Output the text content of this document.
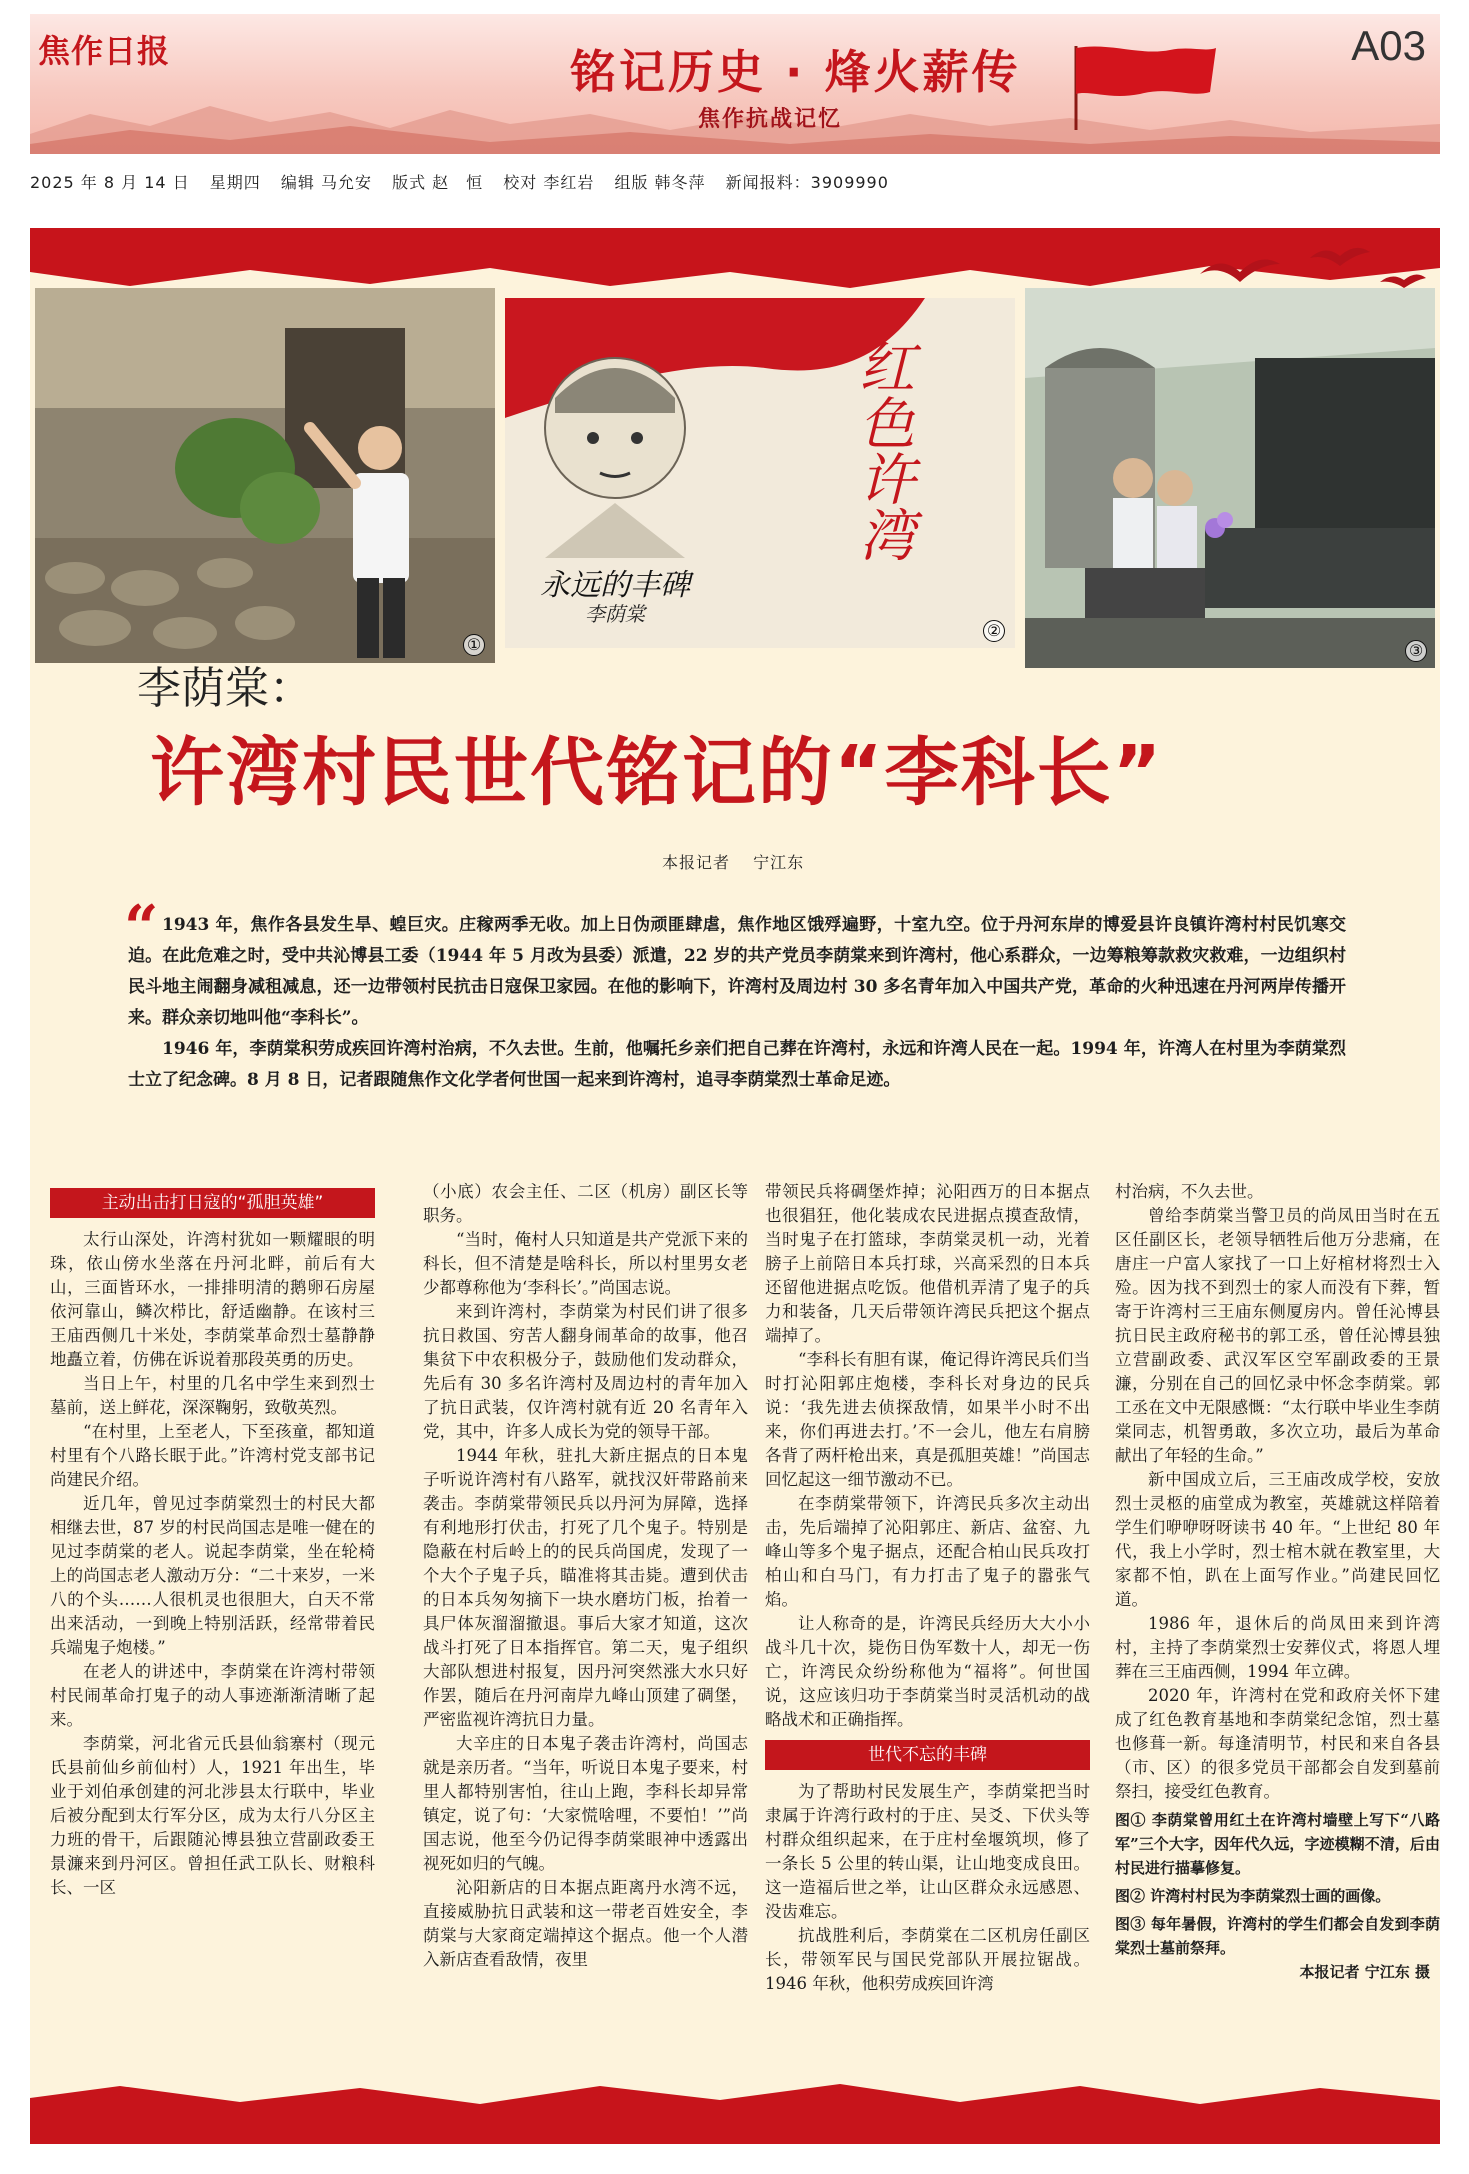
焦作日报	铭记历史 · 烽火薪传
焦作抗战记忆
A03
2025 年 8 月 14 日 星期四 编辑 马允安 版式 赵　恒 校对 李红岩 组版 韩冬萍 新闻报料：3909990
①
永远的丰碑
李荫棠
红色许湾
②
③
李荫棠：
许湾村民世代铭记的“李科长”
本报记者　 宁江东
“ 1943 年，焦作各县发生旱、蝗巨灾。庄稼两季无收。加上日伪顽匪肆虐，焦作地区饿殍遍野，十室九空。位于丹河东岸的博爱县许良镇许湾村村民饥寒交迫。在此危难之时，受中共沁博县工委（1944 年 5 月改为县委）派遣，22 岁的共产党员李荫棠来到许湾村，他心系群众，一边筹粮筹款救灾救难，一边组织村民斗地主闹翻身减租减息，还一边带领村民抗击日寇保卫家园。在他的影响下，许湾村及周边村 30 多名青年加入中国共产党，革命的火种迅速在丹河两岸传播开来。群众亲切地叫他“李科长”。

1946 年，李荫棠积劳成疾回许湾村治病，不久去世。生前，他嘱托乡亲们把自己葬在许湾村，永远和许湾人民在一起。1994 年，许湾人在村里为李荫棠烈士立了纪念碑。8 月 8 日，记者跟随焦作文化学者何世国一起来到许湾村，追寻李荫棠烈士革命足迹。

主动出击打日寇的“孤胆英雄”

太行山深处，许湾村犹如一颗耀眼的明珠，依山傍水坐落在丹河北畔，前后有大山，三面皆环水，一排排明清的鹅卵石房屋依河靠山，鳞次栉比，舒适幽静。在该村三王庙西侧几十米处，李荫棠革命烈士墓静静地矗立着，仿佛在诉说着那段英勇的历史。

当日上午，村里的几名中学生来到烈士墓前，送上鲜花，深深鞠躬，致敬英烈。

“在村里，上至老人，下至孩童，都知道村里有个八路长眠于此。”许湾村党支部书记尚建民介绍。

近几年，曾见过李荫棠烈士的村民大都相继去世，87 岁的村民尚国志是唯一健在的见过李荫棠的老人。说起李荫棠，坐在轮椅上的尚国志老人激动万分：“二十来岁，一米八的个头……人很机灵也很胆大，白天不常出来活动，一到晚上特别活跃，经常带着民兵端鬼子炮楼。”

在老人的讲述中，李荫棠在许湾村带领村民闹革命打鬼子的动人事迹渐渐清晰了起来。

李荫棠，河北省元氏县仙翁寨村（现元氏县前仙乡前仙村）人，1921 年出生，毕业于刘伯承创建的河北涉县太行联中，毕业后被分配到太行军分区，成为太行八分区主力班的骨干，后跟随沁博县独立营副政委王景濂来到丹河区。曾担任武工队长、财粮科长、一区

（小底）农会主任、二区（机房）副区长等职务。

“当时，俺村人只知道是共产党派下来的科长，但不清楚是啥科长，所以村里男女老少都尊称他为‘李科长’。”尚国志说。

来到许湾村，李荫棠为村民们讲了很多抗日救国、穷苦人翻身闹革命的故事，他召集贫下中农积极分子，鼓励他们发动群众，先后有 30 多名许湾村及周边村的青年加入了抗日武装，仅许湾村就有近 20 名青年入党，其中，许多人成长为党的领导干部。

1944 年秋，驻扎大新庄据点的日本鬼子听说许湾村有八路军，就找汉奸带路前来袭击。李荫棠带领民兵以丹河为屏障，选择有利地形打伏击，打死了几个鬼子。特别是隐蔽在村后岭上的的民兵尚国虎，发现了一个大个子鬼子兵，瞄准将其击毙。遭到伏击的日本兵匆匆摘下一块水磨坊门板，抬着一具尸体灰溜溜撤退。事后大家才知道，这次战斗打死了日本指挥官。第二天，鬼子组织大部队想进村报复，因丹河突然涨大水只好作罢，随后在丹河南岸九峰山顶建了碉堡，严密监视许湾抗日力量。

大辛庄的日本鬼子袭击许湾村，尚国志就是亲历者。“当年，听说日本鬼子要来，村里人都特别害怕，往山上跑，李科长却异常镇定，说了句：‘大家慌啥哩，不要怕！’”尚国志说，他至今仍记得李荫棠眼神中透露出视死如归的气魄。

沁阳新店的日本据点距离丹水湾不远，直接威胁抗日武装和这一带老百姓安全，李荫棠与大家商定端掉这个据点。他一个人潜入新店查看敌情，夜里

带领民兵将碉堡炸掉；沁阳西万的日本据点也很猖狂，他化装成农民进据点摸查敌情，当时鬼子在打篮球，李荫棠灵机一动，光着膀子上前陪日本兵打球，兴高采烈的日本兵还留他进据点吃饭。他借机弄清了鬼子的兵力和装备，几天后带领许湾民兵把这个据点端掉了。

“李科长有胆有谋，俺记得许湾民兵们当时打沁阳郭庄炮楼，李科长对身边的民兵说：‘我先进去侦探敌情，如果半小时不出来，你们再进去打。’不一会儿，他左右肩膀各背了两杆枪出来，真是孤胆英雄！”尚国志回忆起这一细节激动不已。

在李荫棠带领下，许湾民兵多次主动出击，先后端掉了沁阳郭庄、新店、盆窑、九峰山等多个鬼子据点，还配合柏山民兵攻打柏山和白马门，有力打击了鬼子的嚣张气焰。

让人称奇的是，许湾民兵经历大大小小战斗几十次，毙伤日伪军数十人，却无一伤亡，许湾民众纷纷称他为“福将”。何世国说，这应该归功于李荫棠当时灵活机动的战略战术和正确指挥。

世代不忘的丰碑

为了帮助村民发展生产，李荫棠把当时隶属于许湾行政村的于庄、吴爻、下伏头等村群众组织起来，在于庄村垒堰筑坝，修了一条长 5 公里的转山渠，让山地变成良田。这一造福后世之举，让山区群众永远感恩、没齿难忘。

抗战胜利后，李荫棠在二区机房任副区长，带领军民与国民党部队开展拉锯战。1946 年秋，他积劳成疾回许湾

村治病，不久去世。

曾给李荫棠当警卫员的尚凤田当时在五区任副区长，老领导牺牲后他万分悲痛，在唐庄一户富人家找了一口上好棺材将烈士入殓。因为找不到烈士的家人而没有下葬，暂寄于许湾村三王庙东侧厦房内。曾任沁博县抗日民主政府秘书的郭工丞，曾任沁博县独立营副政委、武汉军区空军副政委的王景濂，分别在自己的回忆录中怀念李荫棠。郭工丞在文中无限感慨：“太行联中毕业生李荫棠同志，机智勇敢，多次立功，最后为革命献出了年轻的生命。”

新中国成立后，三王庙改成学校，安放烈士灵柩的庙堂成为教室，英雄就这样陪着学生们咿咿呀呀读书 40 年。“上世纪 80 年代，我上小学时，烈士棺木就在教室里，大家都不怕，趴在上面写作业。”尚建民回忆道。

1986 年，退休后的尚凤田来到许湾村，主持了李荫棠烈士安葬仪式，将恩人埋葬在三王庙西侧，1994 年立碑。

2020 年，许湾村在党和政府关怀下建成了红色教育基地和李荫棠纪念馆，烈士墓也修葺一新。每逢清明节，村民和来自各县（市、区）的很多党员干部都会自发到墓前祭扫，接受红色教育。

图① 李荫棠曾用红土在许湾村墙壁上写下“八路军”三个大字，因年代久远，字迹模糊不清，后由村民进行描摹修复。

图② 许湾村村民为李荫棠烈士画的画像。

图③ 每年暑假，许湾村的学生们都会自发到李荫棠烈士墓前祭拜。

本报记者 宁江东 摄
